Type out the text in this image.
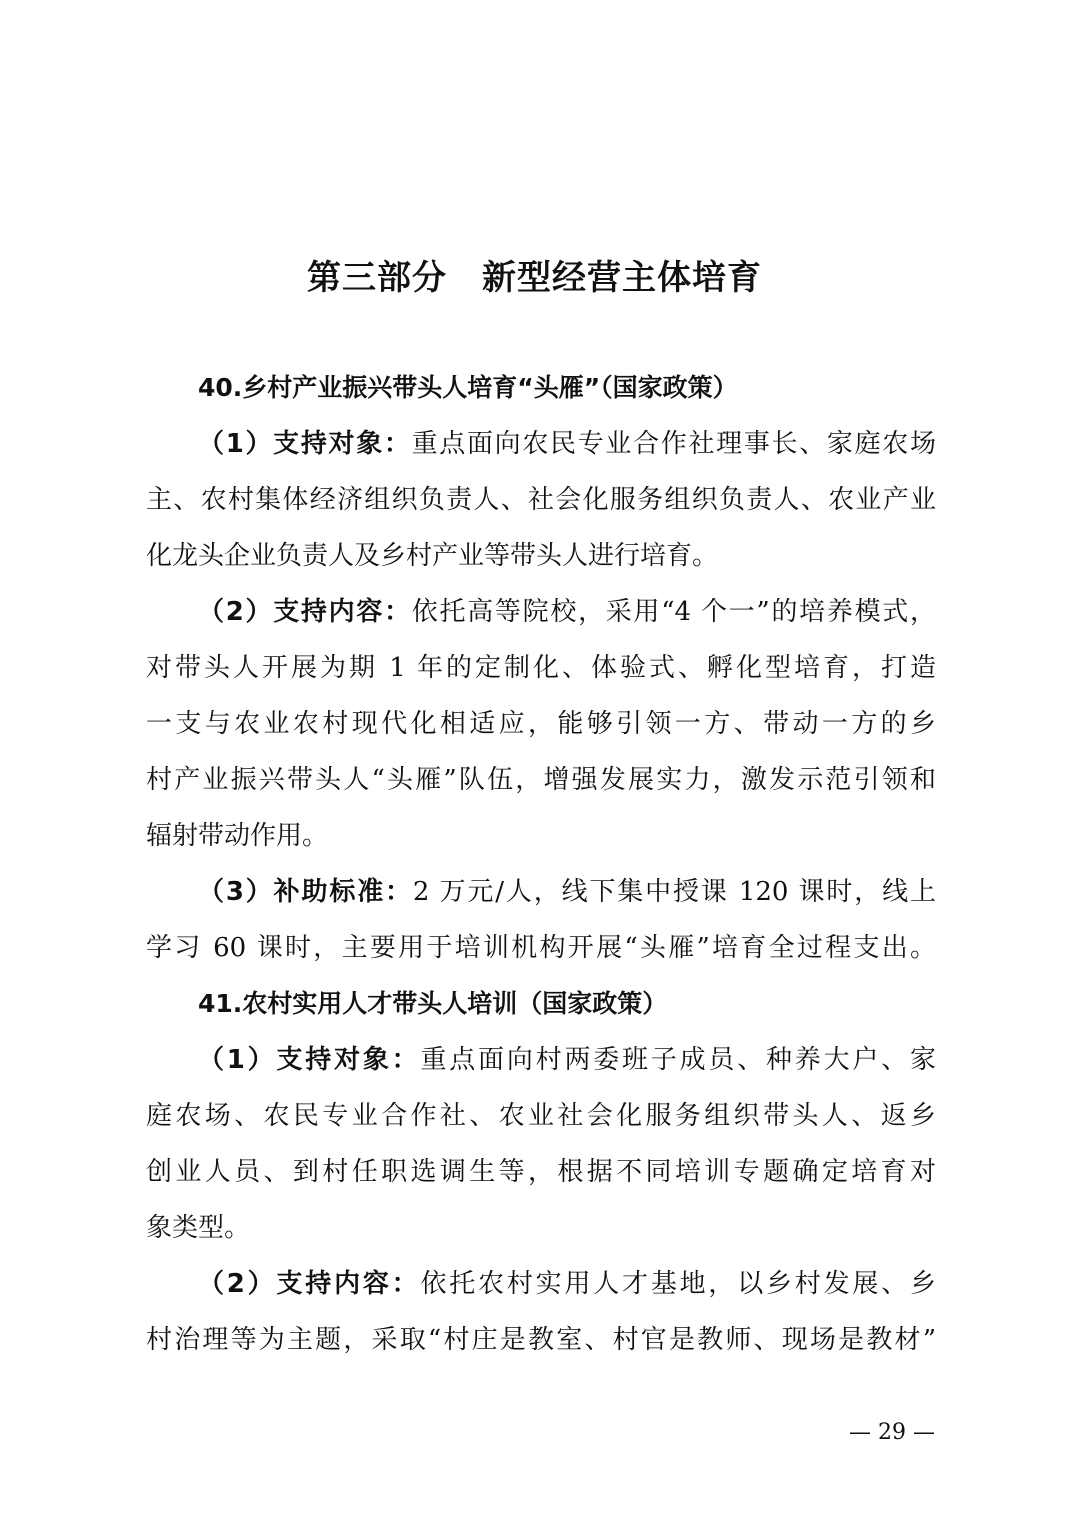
第三部分　新型经营主体培育
40.乡村产业振兴带头人培育“头雁”（国家政策）
（1）支持对象：重点面向农民专业合作社理事长、家庭农场
主、农村集体经济组织负责人、社会化服务组织负责人、农业产业
化龙头企业负责人及乡村产业等带头人进行培育。
（2）支持内容：依托高等院校，采用“4 个一”的培养模式，
对带头人开展为期 1 年的定制化、体验式、孵化型培育，打造
一支与农业农村现代化相适应，能够引领一方、带动一方的乡
村产业振兴带头人“头雁”队伍，增强发展实力，激发示范引领和
辐射带动作用。
（3）补助标准：2 万元/人，线下集中授课 120 课时，线上
学习 60 课时，主要用于培训机构开展“头雁”培育全过程支出。
41.农村实用人才带头人培训（国家政策）
（1）支持对象：重点面向村两委班子成员、种养大户、家
庭农场、农民专业合作社、农业社会化服务组织带头人、返乡
创业人员、到村任职选调生等，根据不同培训专题确定培育对
象类型。
（2）支持内容：依托农村实用人才基地，以乡村发展、乡
村治理等为主题，采取“村庄是教室、村官是教师、现场是教材”
— 29 —
